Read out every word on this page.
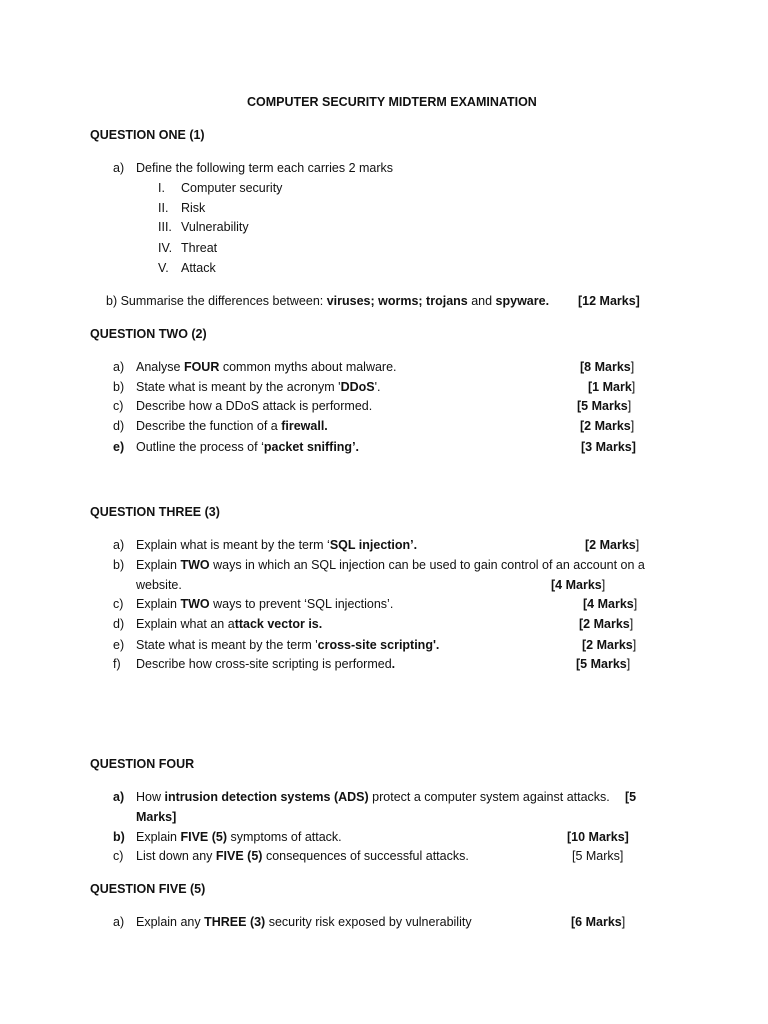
COMPUTER SECURITY MIDTERM EXAMINATION
QUESTION ONE (1)
a) Define the following term each carries 2 marks
I. Computer security
II. Risk
III. Vulnerability
IV. Threat
V. Attack
b) Summarise the differences between: viruses; worms; trojans and spyware. [12 Marks]
QUESTION TWO (2)
a) Analyse FOUR common myths about malware.	[8 Marks]
b) State what is meant by the acronym 'DDoS'.	[1 Mark]
c) Describe how a DDoS attack is performed.	[5 Marks]
d) Describe the function of a firewall.	[2 Marks]
e) Outline the process of ‘packet sniffing’.	[3 Marks]
QUESTION THREE (3)
a) Explain what is meant by the term ‘SQL injection’.	[2 Marks]
b) Explain TWO ways in which an SQL injection can be used to gain control of an account on a
website.	[4 Marks]
c) Explain TWO ways to prevent ‘SQL injections’.	[4 Marks]
d) Explain what an attack vector is.	[2 Marks]
e) State what is meant by the term 'cross-site scripting'.	[2 Marks]
f) Describe how cross-site scripting is performed.	[5 Marks]
QUESTION FOUR
a) How intrusion detection systems (ADS) protect a computer system against attacks. [5
Marks]
b) Explain FIVE (5) symptoms of attack.	[10 Marks]
c) List down any FIVE (5) consequences of successful attacks.	[5 Marks]
QUESTION FIVE (5)
a) Explain any THREE (3) security risk exposed by vulnerability	[6 Marks]
